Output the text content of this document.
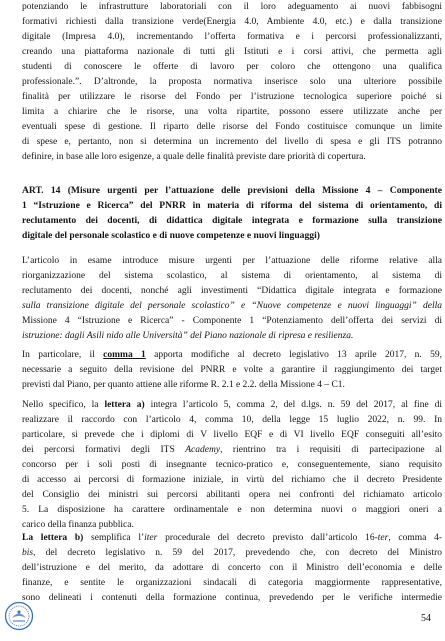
potenziando le infrastrutture laboratoriali con il loro adeguamento ai nuovi fabbisogni
formativi richiesti dalla transizione verde(Energia 4.0, Ambiente 4.0, etc.) e dalla transizione
digitale (Impresa 4.0), incrementando l’offerta formativa e i percorsi professionalizzanti,
creando una piattaforma nazionale di tutti gli Istituti e i corsi attivi, che permetta agli
studenti di conoscere le offerte di lavoro per coloro che ottengono una qualifica
professionale.”. D’altronde, la proposta normativa inserisce solo una ulteriore possibile
finalità per utilizzare le risorse del Fondo per l’istruzione tecnologica superiore poiché si
limita a chiarire che le risorse, una volta ripartite, possono essere utilizzate anche per
eventuali spese di gestione. Il riparto delle risorse del Fondo costituisce comunque un limite
di spese e, pertanto, non si determina un incremento del livello di spesa e gli ITS potranno
definire, in base alle loro esigenze, a quale delle finalità previste dare priorità di copertura.
ART. 14 (Misure urgenti per l’attuazione delle previsioni della Missione 4 – Componente
1 “Istruzione e Ricerca” del PNRR in materia di riforma del sistema di orientamento, di
reclutamento dei docenti, di didattica digitale integrata e formazione sulla transizione
digitale del personale scolastico e di nuove competenze e nuovi linguaggi)
L’articolo in esame introduce misure urgenti per l’attuazione delle riforme relative alla
riorganizzazione del sistema scolastico, al sistema di orientamento, al sistema di
reclutamento dei docenti, nonché agli investimenti “Didattica digitale integrata e formazione
sulla transizione digitale del personale scolastico” e “Nuove competenze e nuovi linguaggi” della
Missione 4 “Istruzione e Ricerca” - Componente 1 “Potenziamento dell’offerta dei servizi di
istruzione: dagli Asili nido alle Università” del Piano nazionale di ripresa e resilienza.
In particolare, il comma 1 apporta modifiche al decreto legislativo 13 aprile 2017, n. 59,
necessarie a seguito della revisione del PNRR e volte a garantire il raggiungimento dei target
previsti dal Piano, per quanto attiene alle riforme R. 2.1 e 2.2. della Missione 4 – C1.
Nello specifico, la lettera a) integra l’articolo 5, comma 2, del d.lgs. n. 59 del 2017, al fine di
realizzare il raccordo con l’articolo 4, comma 10, della legge 15 luglio 2022, n. 99. In
particolare, si prevede che i diplomi di V livello EQF e di VI livello EQF conseguiti all’esito
dei percorsi formativi degli ITS Academy, rientrino tra i requisiti di partecipazione al
concorso per i soli posti di insegnante tecnico-pratico e, conseguentemente, siano requisito
di accesso ai percorsi di formazione iniziale, in virtù del richiamo che il decreto Presidente
del Consiglio dei ministri sui percorsi abilitanti opera nei confronti del richiamato articolo
5. La disposizione ha carattere ordinamentale e non determina nuovi o maggiori oneri a
carico della finanza pubblica.
La lettera b) semplifica l’iter procedurale del decreto previsto dall’articolo 16-ter, comma 4-
bis, del decreto legislativo n. 59 del 2017, prevedendo che, con decreto del Ministro
dell’istruzione e del merito, da adottare di concerto con il Ministro dell’economia e delle
finanze, e sentite le organizzazioni sindacali di categoria maggiormente rappresentative,
sono delineati i contenuti della formazione continua, prevedendo per le verifiche intermedie
54
